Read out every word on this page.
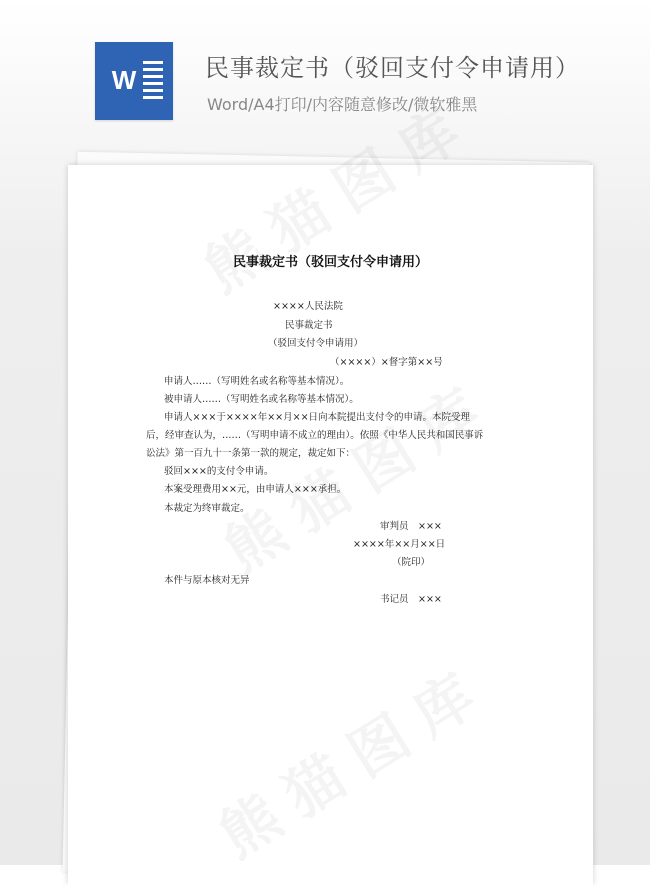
W	民事裁定书（驳回支付令申请用）
Word/A4打印/内容随意修改/微软雅黑
民事裁定书（驳回支付令申请用）
××××人民法院
民事裁定书
（驳回支付令申请用）
（××××）×督字第××号
申请人……（写明姓名或名称等基本情况）。
被申请人……（写明姓名或名称等基本情况）。
申请人×××于××××年××月××日向本院提出支付令的申请。本院受理
后，经审查认为，……（写明申请不成立的理由）。依照《中华人民共和国民事诉
讼法》第一百九十一条第一款的规定，裁定如下：
驳回×××的支付令申请。
本案受理费用××元，由申请人×××承担。
本裁定为终审裁定。
审判员　×××
××××年××月××日
（院印）
本件与原本核对无异
书记员　×××
